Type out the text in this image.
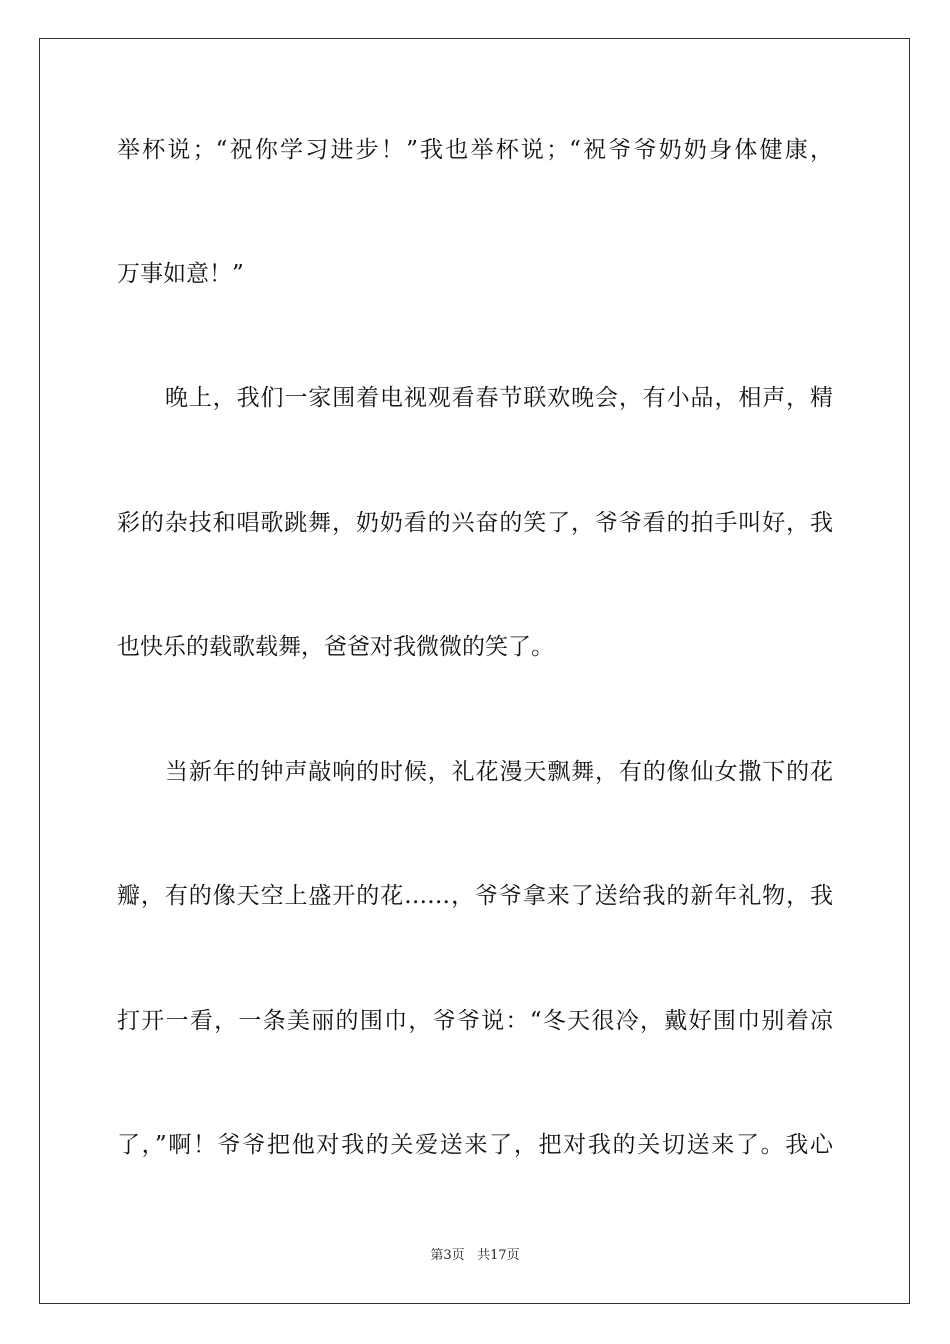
举杯说；“祝你学习进步！”我也举杯说；“祝爷爷奶奶身体健康，
万事如意！”
晚上，我们一家围着电视观看春节联欢晚会，有小品，相声，精
彩的杂技和唱歌跳舞，奶奶看的兴奋的笑了，爷爷看的拍手叫好，我
也快乐的载歌载舞，爸爸对我微微的笑了。
当新年的钟声敲响的时候，礼花漫天飘舞，有的像仙女撒下的花
瓣，有的像天空上盛开的花……，爷爷拿来了送给我的新年礼物，我
打开一看，一条美丽的围巾，爷爷说：“冬天很冷，戴好围巾别着凉
了，”啊！爷爷把他对我的关爱送来了，把对我的关切送来了。我心
第3页 共17页
